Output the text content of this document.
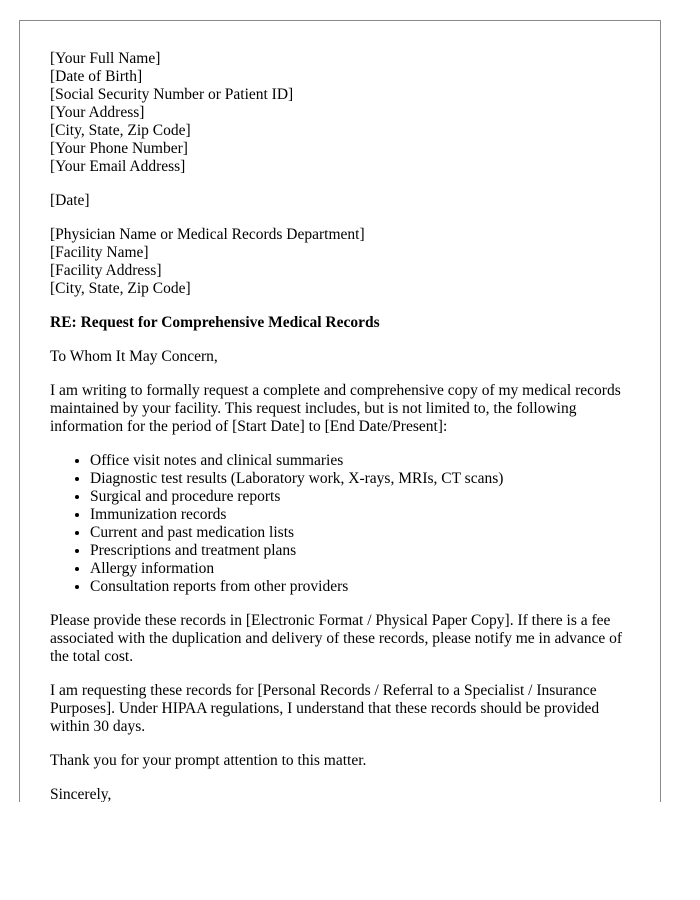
[Your Full Name]
[Date of Birth]
[Social Security Number or Patient ID]
[Your Address]
[City, State, Zip Code]
[Your Phone Number]
[Your Email Address]
[Date]
[Physician Name or Medical Records Department]
[Facility Name]
[Facility Address]
[City, State, Zip Code]

RE: Request for Comprehensive Medical Records

To Whom It May Concern,

I am writing to formally request a complete and comprehensive copy of my medical records maintained by your facility. This request includes, but is not limited to, the following information for the period of [Start Date] to [End Date/Present]:

• Office visit notes and clinical summaries
• Diagnostic test results (Laboratory work, X-rays, MRIs, CT scans)
• Surgical and procedure reports
• Immunization records
• Current and past medication lists
• Prescriptions and treatment plans
• Allergy information
• Consultation reports from other providers

Please provide these records in [Electronic Format / Physical Paper Copy]. If there is a fee associated with the duplication and delivery of these records, please notify me in advance of the total cost.

I am requesting these records for [Personal Records / Referral to a Specialist / Insurance Purposes]. Under HIPAA regulations, I understand that these records should be provided within 30 days.

Thank you for your prompt attention to this matter.

Sincerely,
